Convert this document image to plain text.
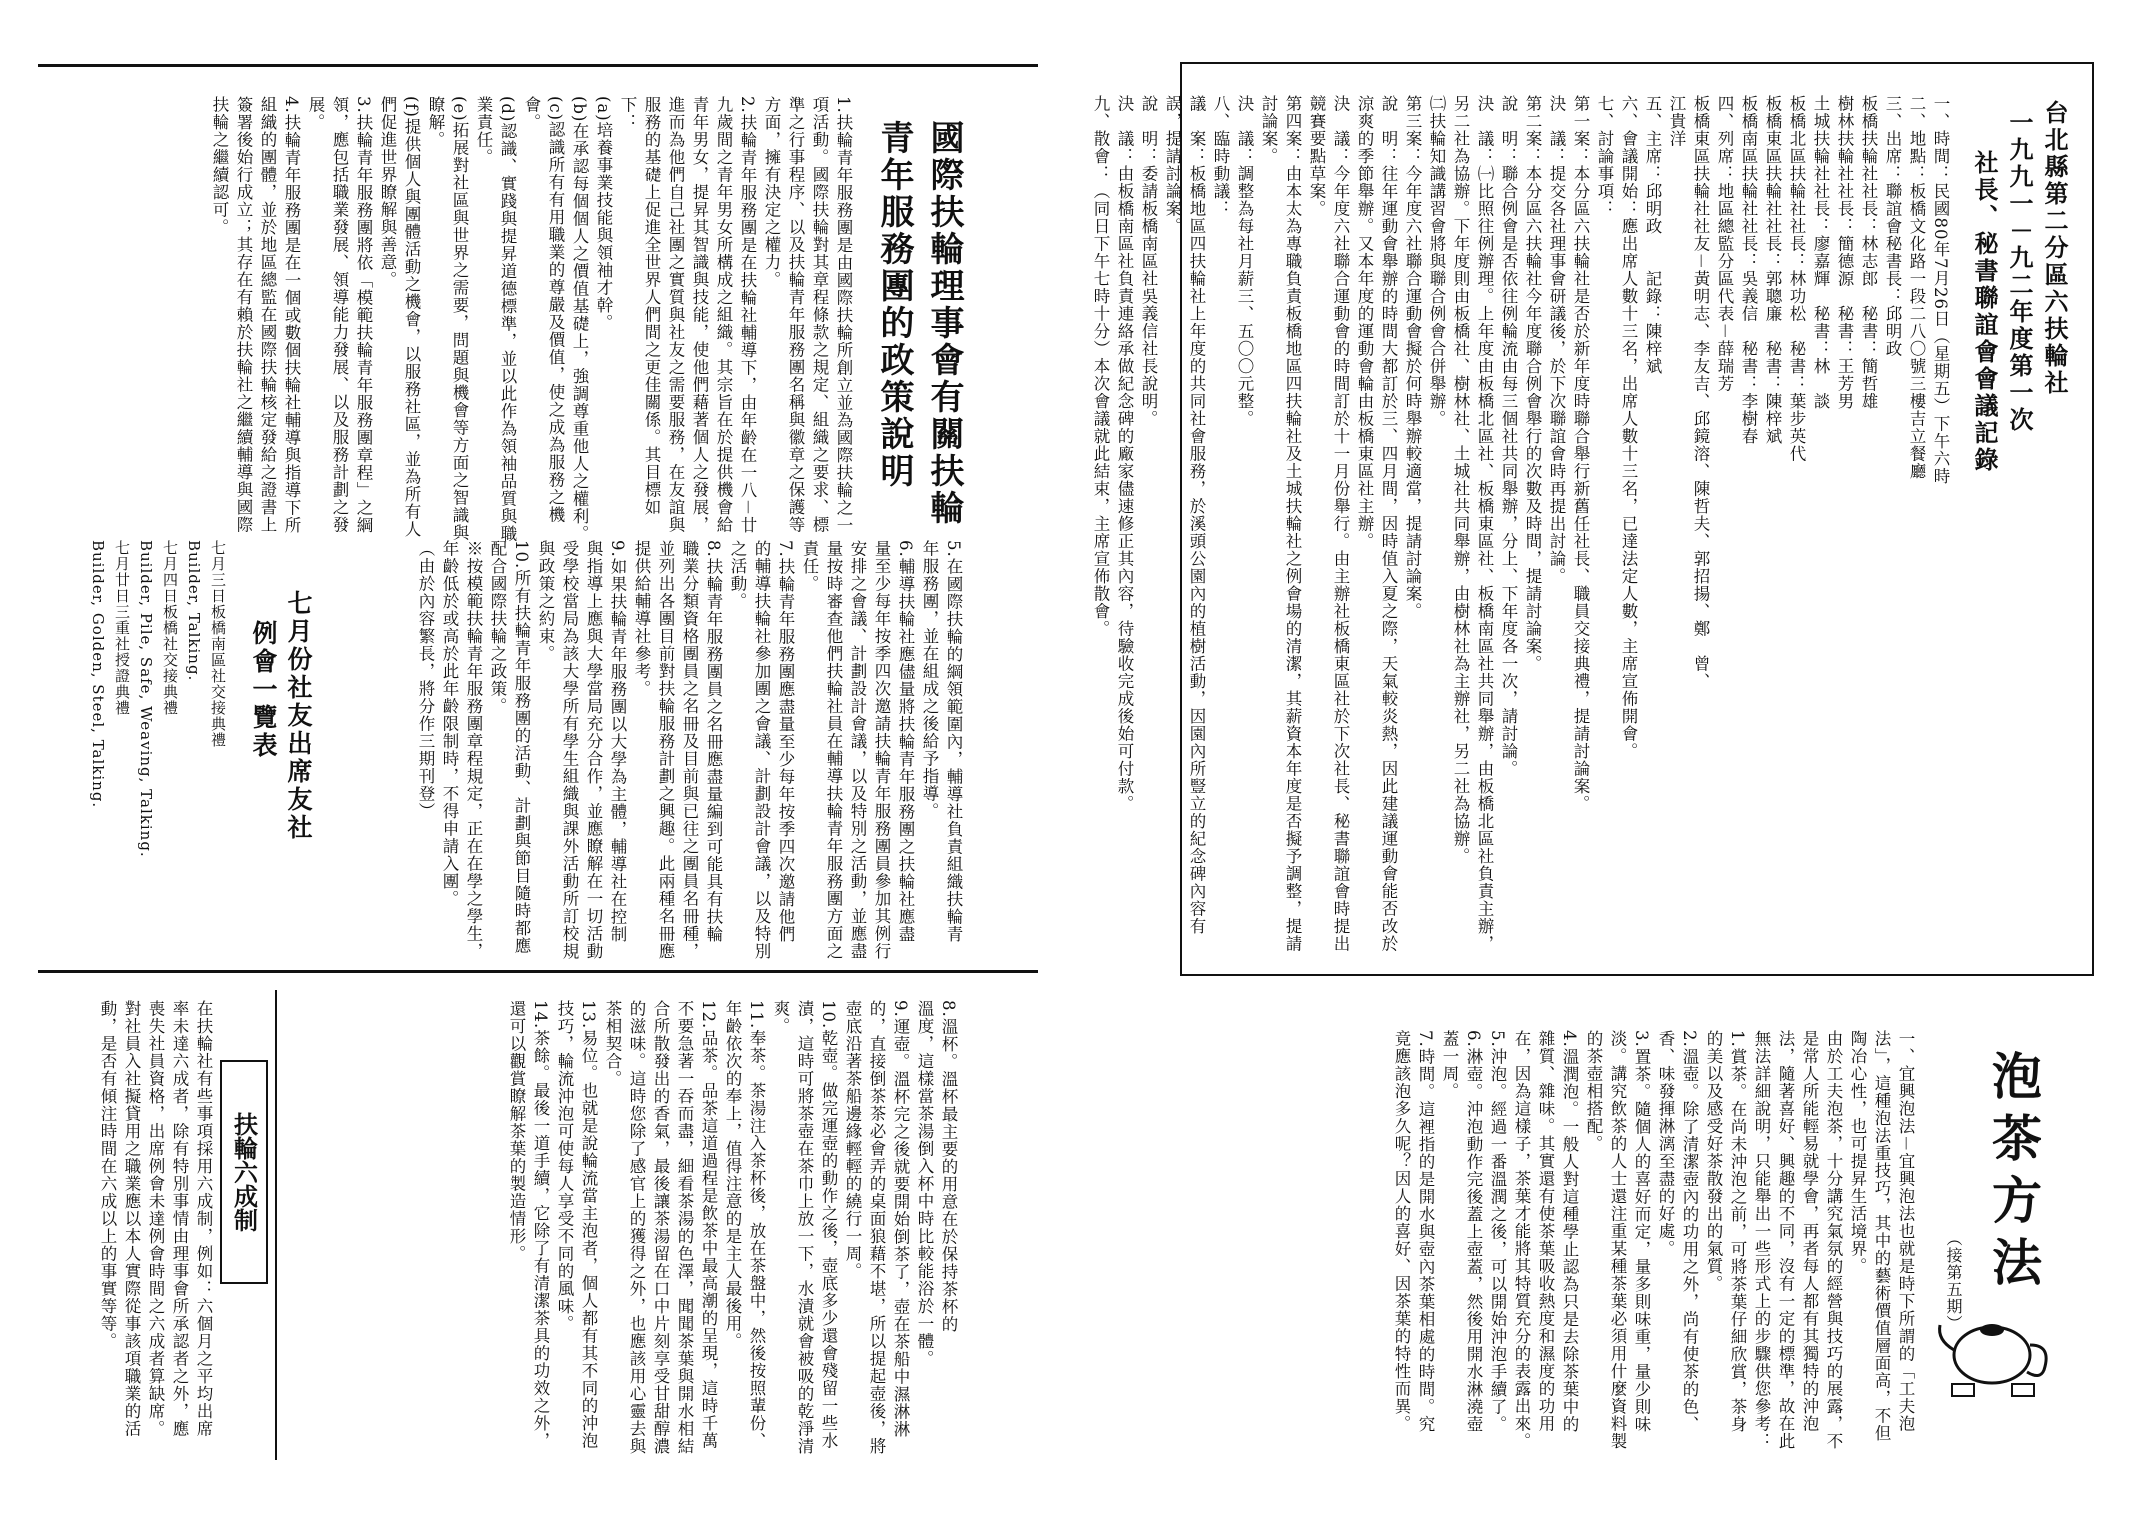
國際扶輪理事會有關扶輪
青年服務團的政策說明
1.扶輪青年服務團是由國際扶輪所創立並為國際扶輪之一項活動。國際扶輪對其章程條款之規定、組織之要求、標準之行事程序、以及扶輪青年服務團名稱與徽章之保護等方面，擁有決定之權力。
2.扶輪青年服務團是在扶輪社輔導下，由年齡在一八－廿九歲間之青年男女所構成之組織。其宗旨在於提供機會給青年男女，提昇其智識與技能，使他們藉著個人之發展，進而為他們自己社團之實質與社友之需要服務，在友誼與服務的基礎上促進全世界人們間之更佳關係。其目標如下：
(a)培養事業技能與領袖才幹。
(b)在承認每個個人之價值基礎上，強調尊重他人之權利。
(c)認識所有有用職業的尊嚴及價值，使之成為服務之機會。
(d)認識、實踐與提昇道德標準，並以此作為領袖品質與職業責任。
(e)拓展對社區與世界之需要，問題與機會等方面之智識與瞭解。
(f)提供個人與團體活動之機會，以服務社區，並為所有人們促進世界瞭解與善意。
3.扶輪青年服務團將依「模範扶輪青年服務團章程」之綱領，應包括職業發展、領導能力發展、以及服務計劃之發展。
4.扶輪青年服務團是在一個或數個扶輪社輔導與指導下所組織的團體，並於地區總監在國際扶輪核定發給之證書上簽署後始行成立；其存在有賴於扶輪社之繼續輔導與國際扶輪之繼續認可。
5.在國際扶輪的綱領範圍內，輔導社負責組織扶輪青年服務團，並在組成之後給予指導。
6.輔導扶輪社應儘量將扶輪青年服務團之扶輪社應盡量至少每年按季四次邀請扶輪青年服務團員參加其例行安排之會議、計劃設計會議，以及特別之活動，並應盡量按時審查他們扶輪社員在輔導扶輪青年服務團方面之責任。
7.扶輪青年服務團應盡量至少每年按季四次邀請他們的輔導扶輪社參加團之會議、計劃設計會議，以及特別之活動。
8.扶輪青年服務團員之名冊應盡量編到可能具有扶輪職業分類資格團員之名冊及目前與已往之團員名冊種，並列出各團目前對扶輪服務計劃之興趣。此兩種名冊應提供給輔導社參考。
9.如果扶輪青年服務團以大學為主體，輔導社在控制與指導上應與大學當局充分合作，並應瞭解在一切活動受學校當局為該大學所有學生組織與課外活動所訂校規與政策之約束。
10.所有扶輪青年服務團的活動、計劃與節目隨時都應配合國際扶輪之政策。
※按模範扶輪青年服務團章程規定，正在在學之學生，年齡低於或高於此年齡限制時，不得申請入團。
（由於內容繁長，將分作三期刊登）
七月份社友出席友社
例會一覽表
七月三日板橋南區社交接典禮
Builder, Talking.
七月四日板橋社交接典禮
Builder, Pile, Safe, Weaving, Talking.
七月廿日三重社授證典禮
Builder, Golden, Steel, Talking.
扶輪六成制
在扶輪社有些事項採用六成制，例如：六個月之平均出席率未達六成者，除有特別事情由理事會所承認者之外，應喪失社員資格，出席例會未達例會時間之六成者算缺席。對社員入社擬貸用之職業應以本人實際從事該項職業的活動，是否有傾注時間在六成以上的事實等等。	8.溫杯。溫杯最主要的用意在於保持茶杯的
溫度，這樣當茶湯倒入杯中時比較能浴於一體。
9.運壺。溫杯完之後就要開始倒茶了，壺在茶船中濕淋淋的，直接倒茶茶必會弄的桌面狼藉不堪，所以提起壺後，將壺底沿著茶船邊緣輕輕的繞行一周。
10.乾壺。做完運壺的動作之後，壺底多少還會殘留一些水漬，這時可將茶壺在茶巾上放一下，水漬就會被吸的乾淨清爽。
11.奉茶。茶湯注入茶杯後，放在茶盤中，然後按照輩份、年齡依次的奉上，值得注意的是主人最後用。
12.品茶。品茶這道過程是飲茶中最高潮的呈現，這時千萬不要急著一吞而盡，細看茶湯的色澤，聞聞茶葉與開水相結合所散發出的香氣，最後讓茶湯留在口中片刻享受甘甜醇濃的滋味。這時您除了感官上的獲得之外，也應該用心靈去與茶相契合。
13.易位。也就是說輪流當主泡者，個人都有其不同的沖泡技巧，輪流沖泡可使每人享受不同的風味。
14.茶餘。最後一道手續，它除了有清潔茶具的功效之外，還可以觀賞瞭解茶葉的製造情形。
台北縣第二分區六扶輪社
一九九一－九二年度第一次
社長、秘書聯誼會會議記錄
一、時間：民國80年7月26日（星期五）下午六時
二、地點：板橋文化路一段二八〇號三樓吉立餐廳
三、出席：聯誼會秘書長：邱明政
板橋扶輪社社長：林志郎　秘書：簡哲雄
樹林扶輪社社長：簡德源　秘書：王芳男
土城扶輪社社長：廖嘉輝　秘書：林　談
板橋北區扶輪社社長：林功松　秘書：葉步英代
板橋東區扶輪社社長：郭聰廉　秘書：陳梓斌
板橋南區扶輪社社長：吳義信　秘書：李樹春
四、列席：地區總監分區代表－薛瑞芳
板橋東區扶輪社社友－黃明志、李友吉、邱鏡溶、陳哲夫、郭招揚、鄭　曾、
江貴洋
五、主席：邱明政　　記錄：陳梓斌
六、會議開始：應出席人數十三名，出席人數十三名，已達法定人數，主席宣佈開會。
七、討論事項：
第一案：本分區六扶輪社是否於新年度時聯合舉行新舊任社長、職員交接典禮，提請討論案。
決　議：提交各社理事會研議後，於下次聯誼會時再提出討論。
第二案：本分區六扶輪社今年度聯合例會舉行的次數及時間，提請討論案。
說　明：聯合例會是否依往例輪流由每三個社共同舉辦，分上、下年度各一次，請討論。
決　議：㈠比照往例辦理。上年度由板橋北區社、板橋東區社、板橋南區社共同舉辦，由板橋北區社負責主辦，另二社為協辦。下年度則由板橋社、樹林社、土城社共同舉辦，由樹林社為主辦社，另二社為協辦。
㈡扶輪知識講習會將與聯合例會合併舉辦。
第三案：今年度六社聯合運動會擬於何時舉辦較適當，提請討論案。
說　明：往年運動會舉辦的時間大都訂於三、四月間，因時值入夏之際，天氣較炎熱，因此建議運動會能否改於涼爽的季節舉辦。又本年度的運動會輪由板橋東區社主辦。
決　議：今年度六社聯合運動會的時間訂於十一月份舉行。由主辦社板橋東區社於下次社長、秘書聯誼會時提出競賽要點草案。
第四案：由本太為專職負責板橋地區四扶輪社及土城扶輪社之例會場的清潔，其薪資本年度是否擬予調整，提請討論案。
決　議：調整為每社月薪三、五〇〇元整。
八、臨時動議：
議　案：板橋地區四扶輪社上年度的共同社會服務，於溪頭公園內的植樹活動，因園內所豎立的紀念碑內容有誤，提請討論案。
說　明：委請板橋南區社吳義信社長說明。
決　議：由板橋南區社負責連絡承做紀念碑的廠家儘速修正其內容，待驗收完成後始可付款。
九、散會：（同日下午七時十分）本次會議就此結束，主席宣佈散會。
泡茶方法
（接第五期）
一、宜興泡法－宜興泡法也就是時下所謂的「工夫泡法」，這種泡法重技巧，其中的藝術價值層面高，不但陶冶心性，也可提昇生活境界。
由於工夫泡茶，十分講究氣氛的經營與技巧的展露，不是常人所能輕易就學會，再者每人都有其獨特的沖泡法，隨著喜好、興趣的不同，沒有一定的標準，故在此無法詳細說明，只能舉出一些形式上的步驟供您參考：
1.賞茶。在尚未沖泡之前，可將茶葉仔細欣賞，茶身的美以及感受好茶散發出的氣質。
2.溫壺。除了清潔壺內的功用之外，尚有使茶的色、香、味發揮淋漓至盡的好處。
3.置茶。隨個人的喜好而定，量多則味重，量少則味淡。講究飲茶的人士還注重某種茶葉必須用什麼資料製的茶壺相搭配。
4.溫潤泡。一般人對這種學止認為只是去除茶葉中的雜質、雜味。其實還有使茶葉吸收熱度和濕度的功用在，因為這樣子，茶葉才能將其特質充分的表露出來。
5.沖泡。經過一番溫潤之後，可以開始沖泡手續了。
6.淋壺。沖泡動作完後蓋上壺蓋，然後用開水淋澆壺蓋一周。
7.時間。這裡指的是開水與壺內茶葉相處的時間。究竟應該泡多久呢？因人的喜好、因茶葉的特性而異。
